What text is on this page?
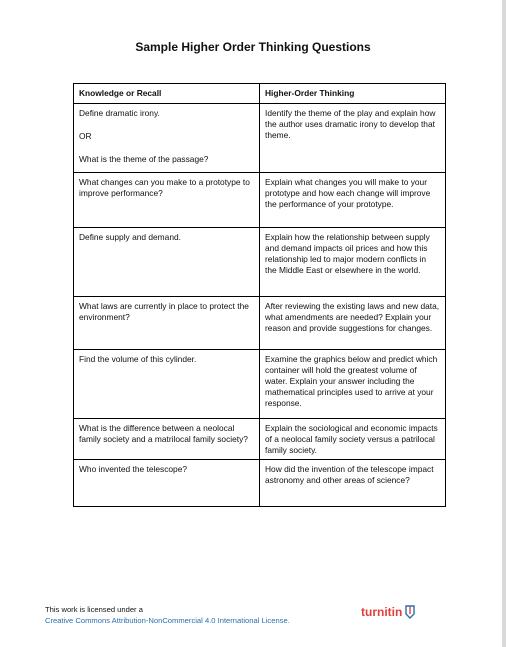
Sample Higher Order Thinking Questions
Knowledge or Recall	Higher-Order Thinking

Define dramatic irony.
OR
What is the theme of the passage?	Identify the theme of the play and explain how the author uses dramatic irony to develop that theme.
What changes can you make to a prototype to improve performance?	Explain what changes you will make to your prototype and how each change will improve the performance of your prototype.
Define supply and demand.	Explain how the relationship between supply and demand impacts oil prices and how this relationship led to major modern conflicts in the Middle East or elsewhere in the world.
What laws are currently in place to protect the environment?	After reviewing the existing laws and new data, what amendments are needed? Explain your reason and provide suggestions for changes.
Find the volume of this cylinder.	Examine the graphics below and predict which container will hold the greatest volume of water. Explain your answer including the mathematical principles used to arrive at your response.
What is the difference between a neolocal family society and a matrilocal family society?	Explain the sociological and economic impacts of a neolocal family society versus a patrilocal family society.
Who invented the telescope?	How did the invention of the telescope impact astronomy and other areas of science?
This work is licensed under a
Creative Commons Attribution-NonCommercial 4.0 International License.
turnitin
